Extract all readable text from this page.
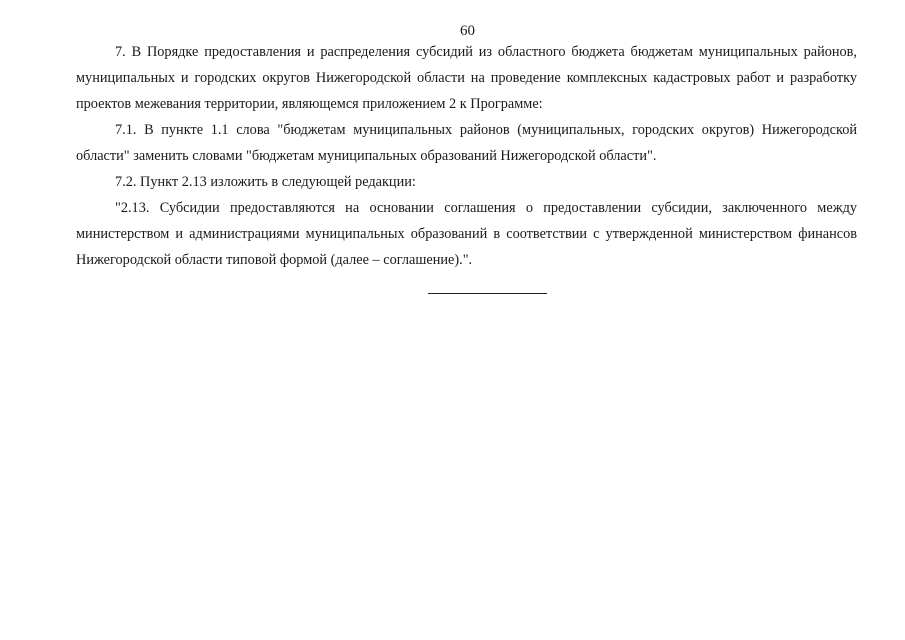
60

7. В Порядке предоставления и распределения субсидий из областного бюджета бюджетам муниципальных районов, муниципальных и городских округов Нижегородской области на проведение комплексных кадастровых работ и разработку проектов межевания территории, являющемся приложением 2 к Программе:

7.1. В пункте 1.1 слова "бюджетам муниципальных районов (муниципальных, городских округов) Нижегородской области" заменить словами "бюджетам муниципальных образований Нижегородской области".

7.2. Пункт 2.13 изложить в следующей редакции:

"2.13. Субсидии предоставляются на основании соглашения о предоставлении субсидии, заключенного между министерством и администрациями муниципальных образований в соответствии с утвержденной министерством финансов Нижегородской области типовой формой (далее – соглашение).".
